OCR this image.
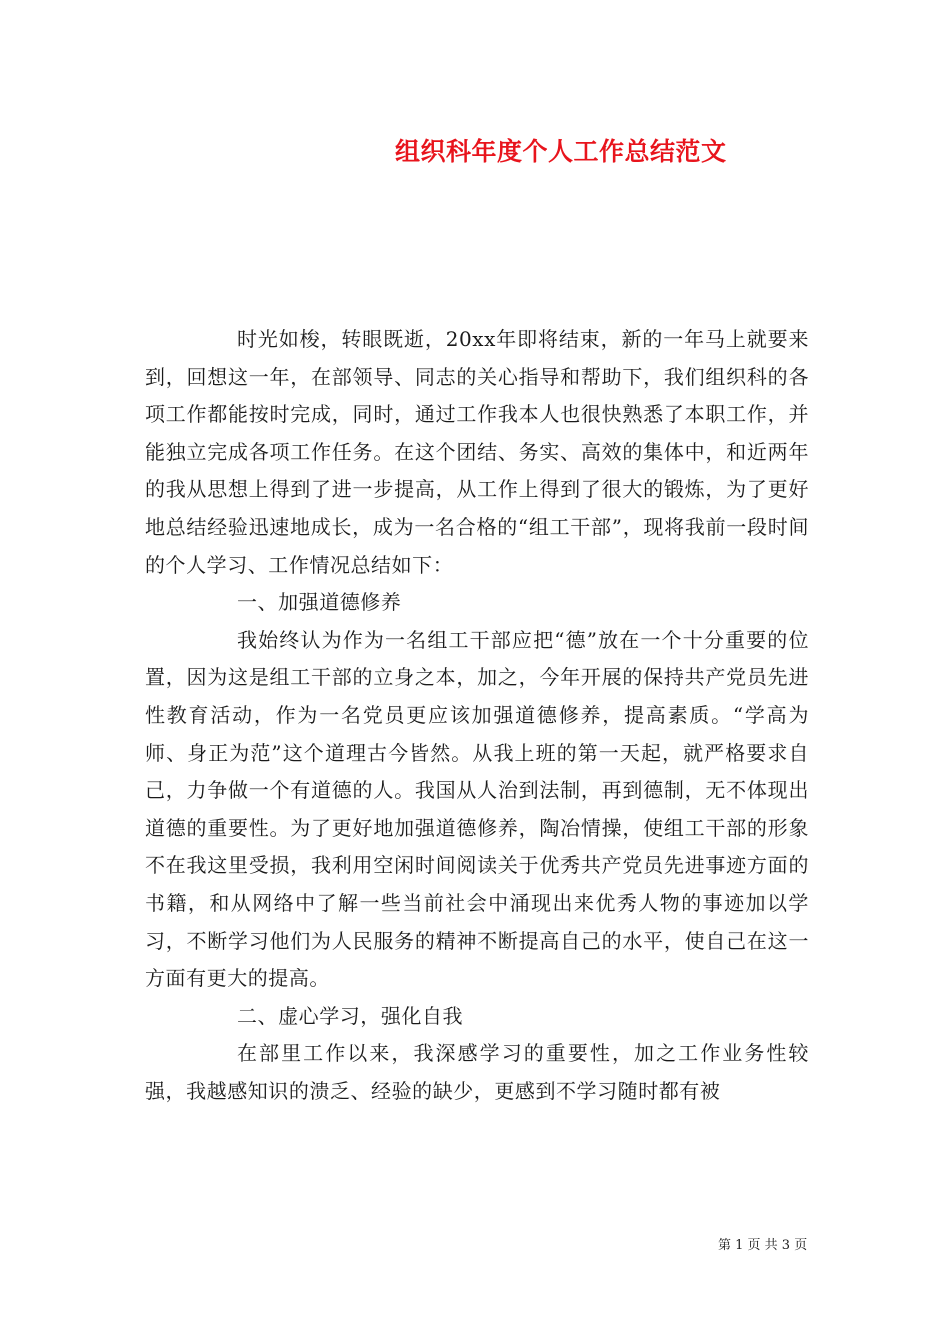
组织科年度个人工作总结范文

时光如梭，转眼既逝，20xx年即将结束，新的一年马上就要来到，回想这一年，在部领导、同志的关心指导和帮助下，我们组织科的各项工作都能按时完成，同时，通过工作我本人也很快熟悉了本职工作，并能独立完成各项工作任务。在这个团结、务实、高效的集体中，和近两年的我从思想上得到了进一步提高，从工作上得到了很大的锻炼，为了更好地总结经验迅速地成长，成为一名合格的“组工干部”，现将我前一段时间的个人学习、工作情况总结如下：

一、加强道德修养

我始终认为作为一名组工干部应把“德”放在一个十分重要的位置，因为这是组工干部的立身之本，加之，今年开展的保持共产党员先进性教育活动，作为一名党员更应该加强道德修养，提高素质。“学高为师、身正为范”这个道理古今皆然。从我上班的第一天起，就严格要求自己，力争做一个有道德的人。我国从人治到法制，再到德制，无不体现出道德的重要性。为了更好地加强道德修养，陶冶情操，使组工干部的形象不在我这里受损，我利用空闲时间阅读关于优秀共产党员先进事迹方面的书籍，和从网络中了解一些当前社会中涌现出来优秀人物的事迹加以学习，不断学习他们为人民服务的精神不断提高自己的水平，使自己在这一方面有更大的提高。

二、虚心学习，强化自我

在部里工作以来，我深感学习的重要性，加之工作业务性较强，我越感知识的溃乏、经验的缺少，更感到不学习随时都有被

第 1 页 共 3 页
